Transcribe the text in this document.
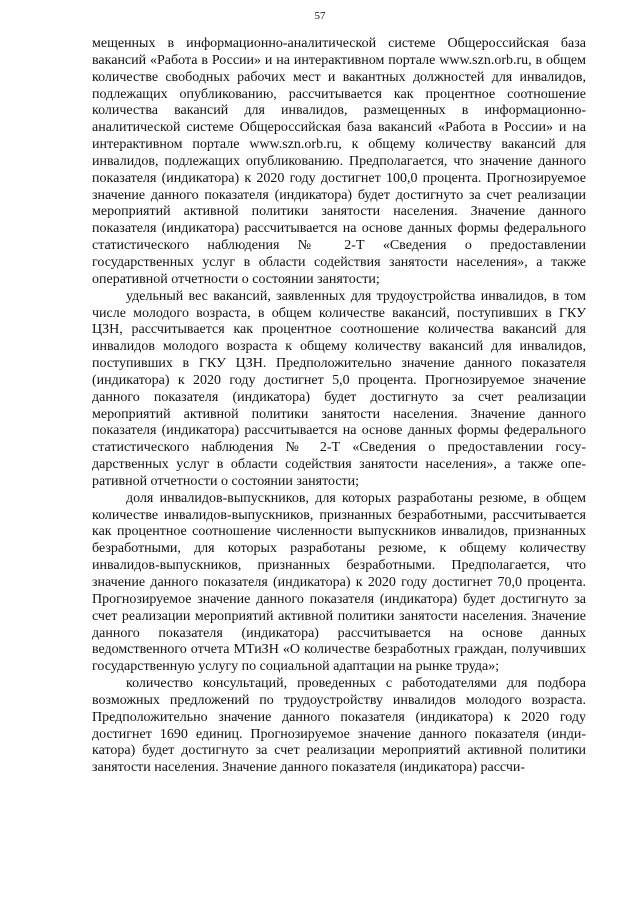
57

мещенных в информационно-аналитической системе Общероссийская база вакансий «Работа в России» и на интерактивном портале www.szn.orb.ru, в общем количестве свободных рабочих мест и вакантных должностей для инвалидов, подлежащих опубликованию, рассчитывается как процентное соотношение количества вакансий для инвалидов, размещенных в информационно-аналитической системе Общероссийская база вакансий «Работа в России» и на интерактивном портале www.szn.orb.ru, к общему количеству вакансий для инвалидов, подлежащих опубликованию. Предполагается, что значение данного показателя (индикатора) к 2020 году достигнет 100,0 процента. Прогнозируемое значение данного показателя (индикатора) будет достигнуто за счет реализации мероприятий активной политики занятости населения. Значение данного показателя (индикатора) рассчитывается на основе данных формы федерального статистического наблюдения № 2-Т «Сведения о предоставлении государственных услуг в области содействия занятости населения», а также оперативной отчетности о состоянии занятости;

удельный вес вакансий, заявленных для трудоустройства инвалидов, в том числе молодого возраста, в общем количестве вакансий, поступивших в ГКУ ЦЗН, рассчитывается как процентное соотношение количества вакансий для инвалидов молодого возраста к общему количеству вакансий для инвалидов, поступивших в ГКУ ЦЗН. Предположительно значение данного показателя (индикатора) к 2020 году достигнет 5,0 процента. Прогнозируемое значение данного показателя (индикатора) будет достигнуто за счет реализации мероприятий активной политики занятости населения. Значение данного показателя (индикатора) рассчитывается на основе данных формы федерального статистического наблюдения № 2-Т «Сведения о предоставлении государственных услуг в области содействия занятости населения», а также оперативной отчетности о состоянии занятости;

доля инвалидов-выпускников, для которых разработаны резюме, в общем количестве инвалидов-выпускников, признанных безработными, рассчитывается как процентное соотношение численности выпускников инвалидов, признанных безработными, для которых разработаны резюме, к общему количеству инвалидов-выпускников, признанных безработными. Предполагается, что значение данного показателя (индикатора) к 2020 году достигнет 70,0 процента. Прогнозируемое значение данного показателя (индикатора) будет достигнуто за счет реализации мероприятий активной политики занятости населения. Значение данного показателя (индикатора) рассчитывается на основе данных ведомственного отчета МТиЗН «О количестве безработных граждан, получивших государственную услугу по социальной адаптации на рынке труда»;

количество консультаций, проведенных с работодателями для подбора возможных предложений по трудоустройству инвалидов молодого возраста. Предположительно значение данного показателя (индикатора) к 2020 году достигнет 1690 единиц. Прогнозируемое значение данного показателя (индикатора) будет достигнуто за счет реализации мероприятий активной политики занятости населения. Значение данного показателя (индикатора) рассчи-
